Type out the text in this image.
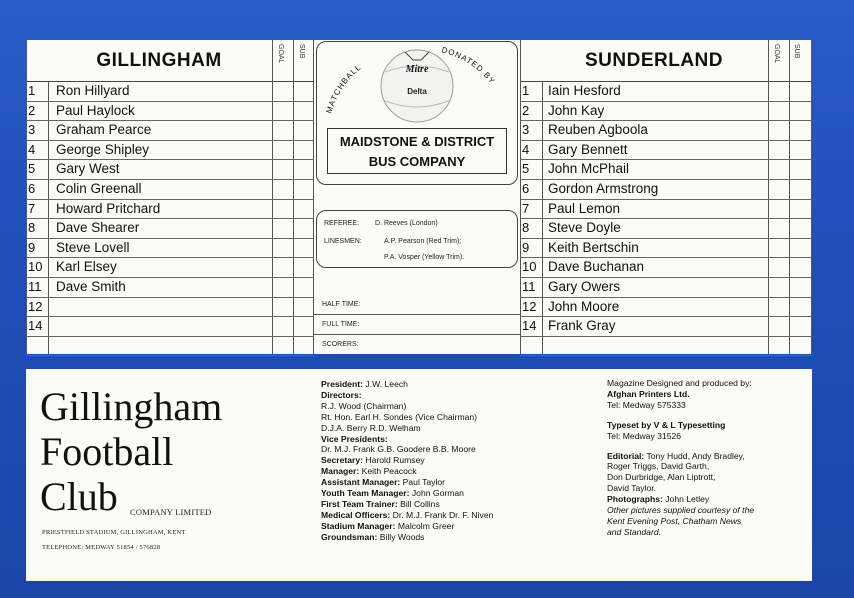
GILLINGHAM	GOAL SUB
1 Ron Hillyard
2 Paul Haylock
3 Graham Pearce
4 George Shipley
5 Gary West
6 Colin Greenall
7 Howard Pritchard
8 Dave Shearer
9 Steve Lovell
10 Karl Elsey
11 Dave Smith
12
14
MATCHBALL
DONATED BY
Mitre
Delta
MAIDSTONE & DISTRICT
BUS COMPANY
REFEREE: D. Reeves (London)
LINESMEN:	A.P. Pearson (Red Trim);
P.A. Vosper (Yellow Trim).
HALF TIME:
FULL TIME:
SCORERS:
SUNDERLAND	GOAL SUB
1 Iain Hesford
2 John Kay
3 Reuben Agboola
4 Gary Bennett
5 John McPhail
6 Gordon Armstrong
7 Paul Lemon
8 Steve Doyle
9 Keith Bertschin
10 Dave Buchanan
11 Gary Owers
12 John Moore
14 Frank Gray
Gillingham
Football
Club COMPANY LIMITED
PRIESTFIELD STADIUM, GILLINGHAM, KENT
TELEPHONE: MEDWAY 51854 / 576828
President: J.W. Leech
Directors:
R.J. Wood (Chairman)
Rt. Hon. Earl H. Sondes (Vice Chairman)
D.J.A. Berry R.D. Welham
Vice Presidents:
Dr. M.J. Frank G.B. Goodere B.B. Moore
Secretary: Harold Rumsey
Manager: Keith Peacock
Assistant Manager: Paul Taylor
Youth Team Manager: John Gorman
First Team Trainer: Bill Collins
Medical Officers: Dr. M.J. Frank Dr. F. Niven
Stadium Manager: Malcolm Greer
Groundsman: Billy Woods
Magazine Designed and produced by:
Afghan Printers Ltd.
Tel: Medway 575333
Typeset by V & L Typesetting
Tel: Medway 31526
Editorial: Tony Hudd, Andy Bradley,
Roger Triggs, David Garth,
Don Durbridge, Alan Liptrott,
David Taylor.
Photographs: John Letley
Other pictures supplied courtesy of the
Kent Evening Post, Chatham News
and Standard.
